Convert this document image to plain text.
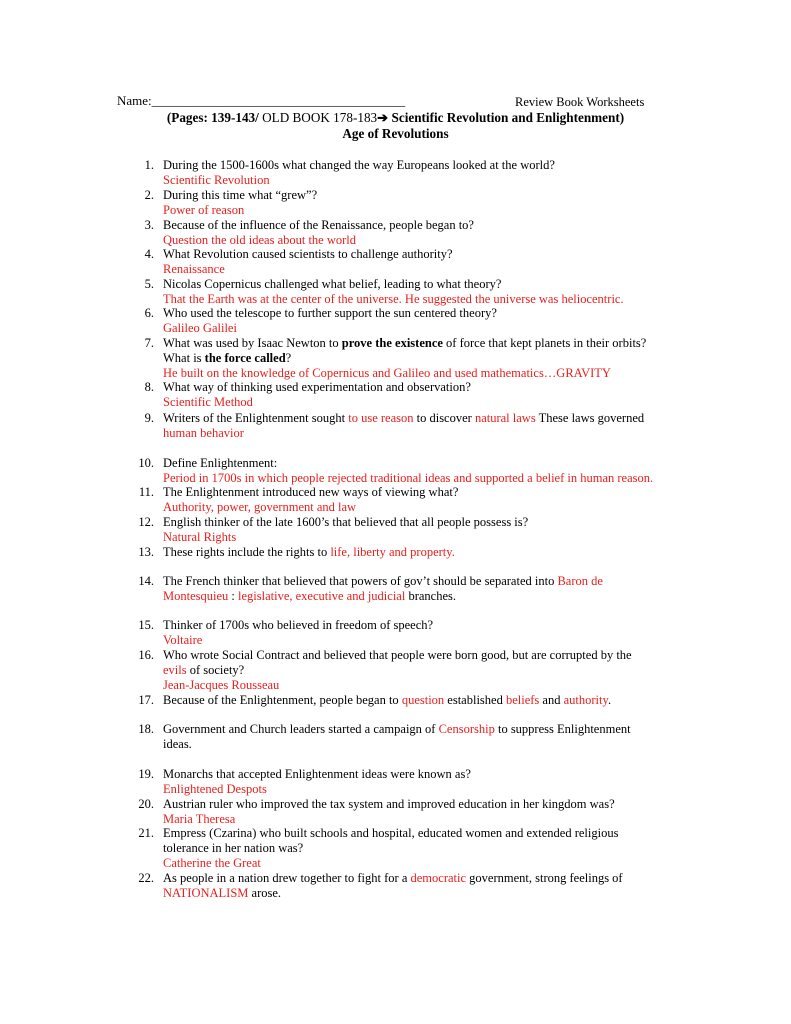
Name:_______________________________________	Review Book Worksheets
(Pages: 139-143/ OLD BOOK 178-183➔ Scientific Revolution and Enlightenment)
Age of Revolutions
1. During the 1500-1600s what changed the way Europeans looked at the world?
Scientific Revolution
2. During this time what “grew”?
Power of reason
3. Because of the influence of the Renaissance, people began to?
Question the old ideas about the world
4. What Revolution caused scientists to challenge authority?
Renaissance
5. Nicolas Copernicus challenged what belief, leading to what theory?
That the Earth was at the center of the universe. He suggested the universe was heliocentric.
6. Who used the telescope to further support the sun centered theory?
Galileo Galilei
7. What was used by Isaac Newton to prove the existence of force that kept planets in their orbits?
What is the force called?
He built on the knowledge of Copernicus and Galileo and used mathematics…GRAVITY
8. What way of thinking used experimentation and observation?
Scientific Method
9. Writers of the Enlightenment sought to use reason to discover natural laws These laws governed
human behavior
10. Define Enlightenment:
Period in 1700s in which people rejected traditional ideas and supported a belief in human reason.
11. The Enlightenment introduced new ways of viewing what?
Authority, power, government and law
12. English thinker of the late 1600’s that believed that all people possess is?
Natural Rights
13. These rights include the rights to life, liberty and property.
14. The French thinker that believed that powers of gov’t should be separated into Baron de
Montesquieu : legislative, executive and judicial branches.
15. Thinker of 1700s who believed in freedom of speech?
Voltaire
16. Who wrote Social Contract and believed that people were born good, but are corrupted by the
evils of society?
Jean-Jacques Rousseau
17. Because of the Enlightenment, people began to question established beliefs and authority.
18. Government and Church leaders started a campaign of Censorship to suppress Enlightenment
ideas.
19. Monarchs that accepted Enlightenment ideas were known as?
Enlightened Despots
20. Austrian ruler who improved the tax system and improved education in her kingdom was?
Maria Theresa
21. Empress (Czarina) who built schools and hospital, educated women and extended religious
tolerance in her nation was?
Catherine the Great
22. As people in a nation drew together to fight for a democratic government, strong feelings of
NATIONALISM arose.
